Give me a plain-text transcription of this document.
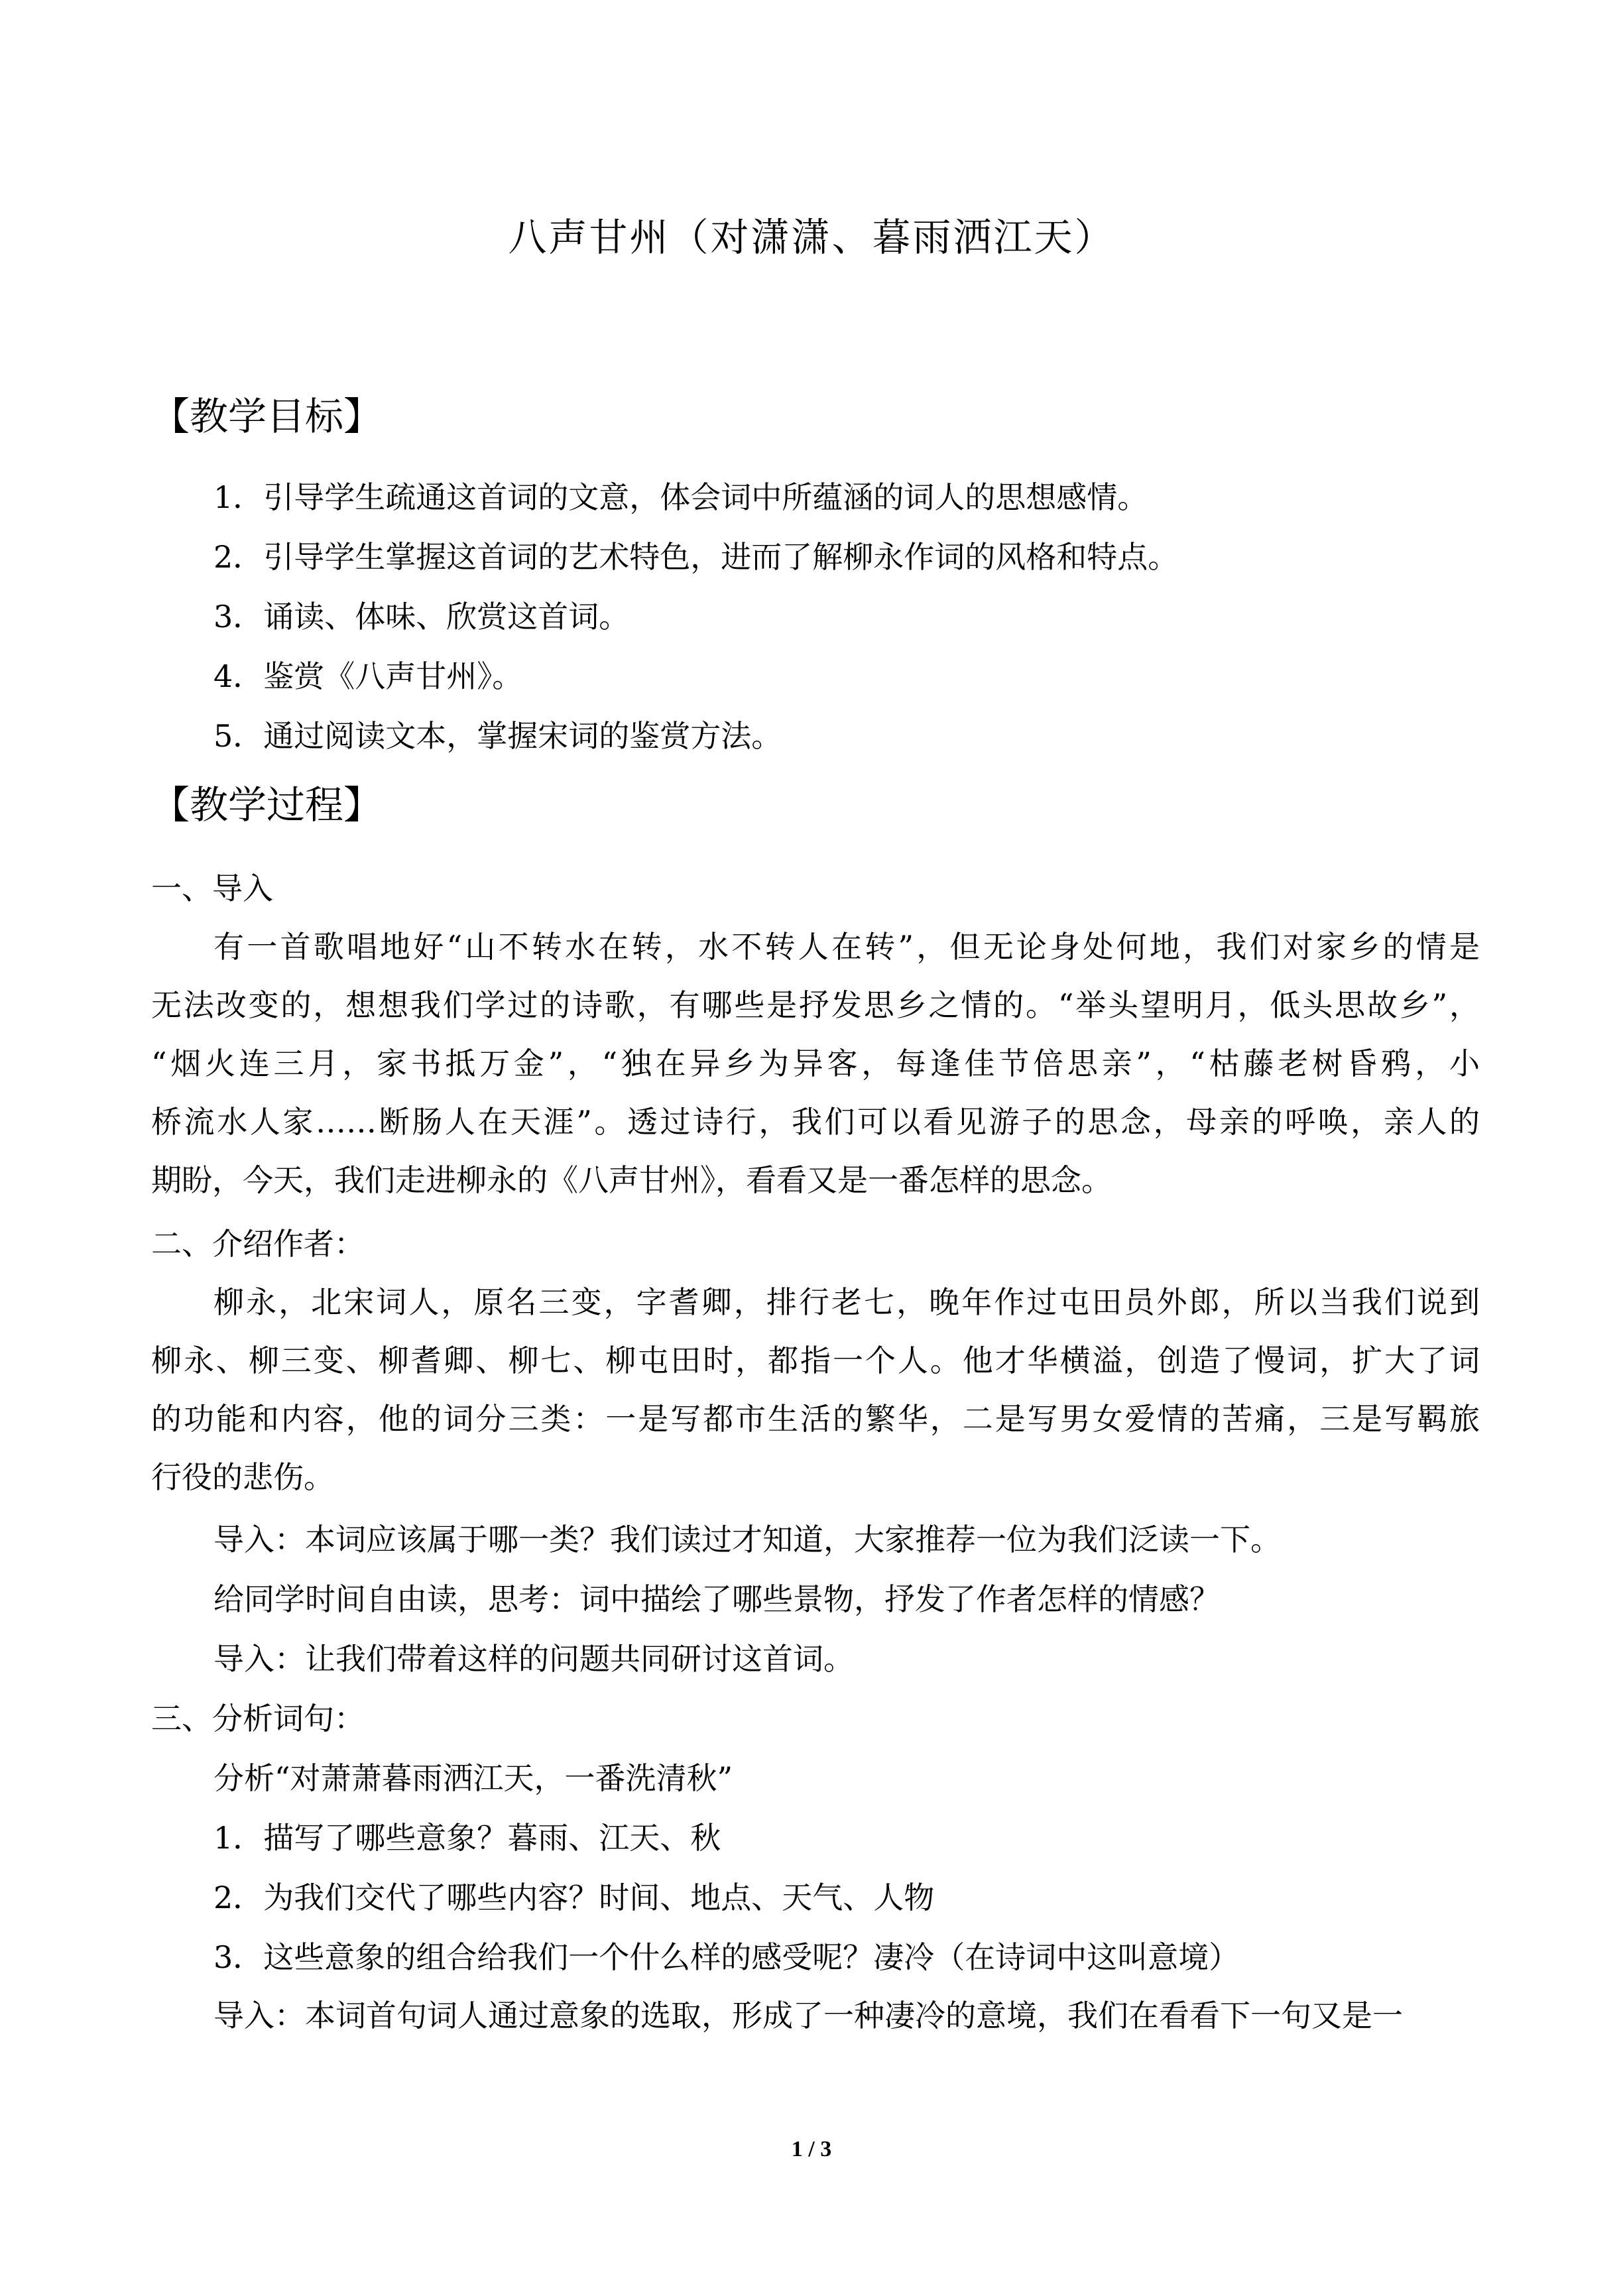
八声甘州（对潇潇、暮雨洒江天）
【教学目标】
1．引导学生疏通这首词的文意，体会词中所蕴涵的词人的思想感情。
2．引导学生掌握这首词的艺术特色，进而了解柳永作词的风格和特点。
3．诵读、体味、欣赏这首词。
4．鉴赏《八声甘州》。
5．通过阅读文本，掌握宋词的鉴赏方法。
【教学过程】
一、导入
有一首歌唱地好“山不转水在转，水不转人在转”，但无论身处何地，我们对家乡的情是
无法改变的，想想我们学过的诗歌，有哪些是抒发思乡之情的。“举头望明月，低头思故乡”，
“烟火连三月，家书抵万金”，“独在异乡为异客，每逢佳节倍思亲”，“枯藤老树昏鸦，小
桥流水人家……断肠人在天涯”。透过诗行，我们可以看见游子的思念，母亲的呼唤，亲人的
期盼，今天，我们走进柳永的《八声甘州》，看看又是一番怎样的思念。
二、介绍作者：
柳永，北宋词人，原名三变，字耆卿，排行老七，晚年作过屯田员外郎，所以当我们说到
柳永、柳三变、柳耆卿、柳七、柳屯田时，都指一个人。他才华横溢，创造了慢词，扩大了词
的功能和内容，他的词分三类：一是写都市生活的繁华，二是写男女爱情的苦痛，三是写羁旅
行役的悲伤。
导入：本词应该属于哪一类？我们读过才知道，大家推荐一位为我们泛读一下。
给同学时间自由读，思考：词中描绘了哪些景物，抒发了作者怎样的情感？
导入：让我们带着这样的问题共同研讨这首词。
三、分析词句：
分析“对萧萧暮雨洒江天，一番洗清秋”
1．描写了哪些意象？暮雨、江天、秋
2．为我们交代了哪些内容？时间、地点、天气、人物
3．这些意象的组合给我们一个什么样的感受呢？凄冷（在诗词中这叫意境）
导入：本词首句词人通过意象的选取，形成了一种凄冷的意境，我们在看看下一句又是一
1 / 3
